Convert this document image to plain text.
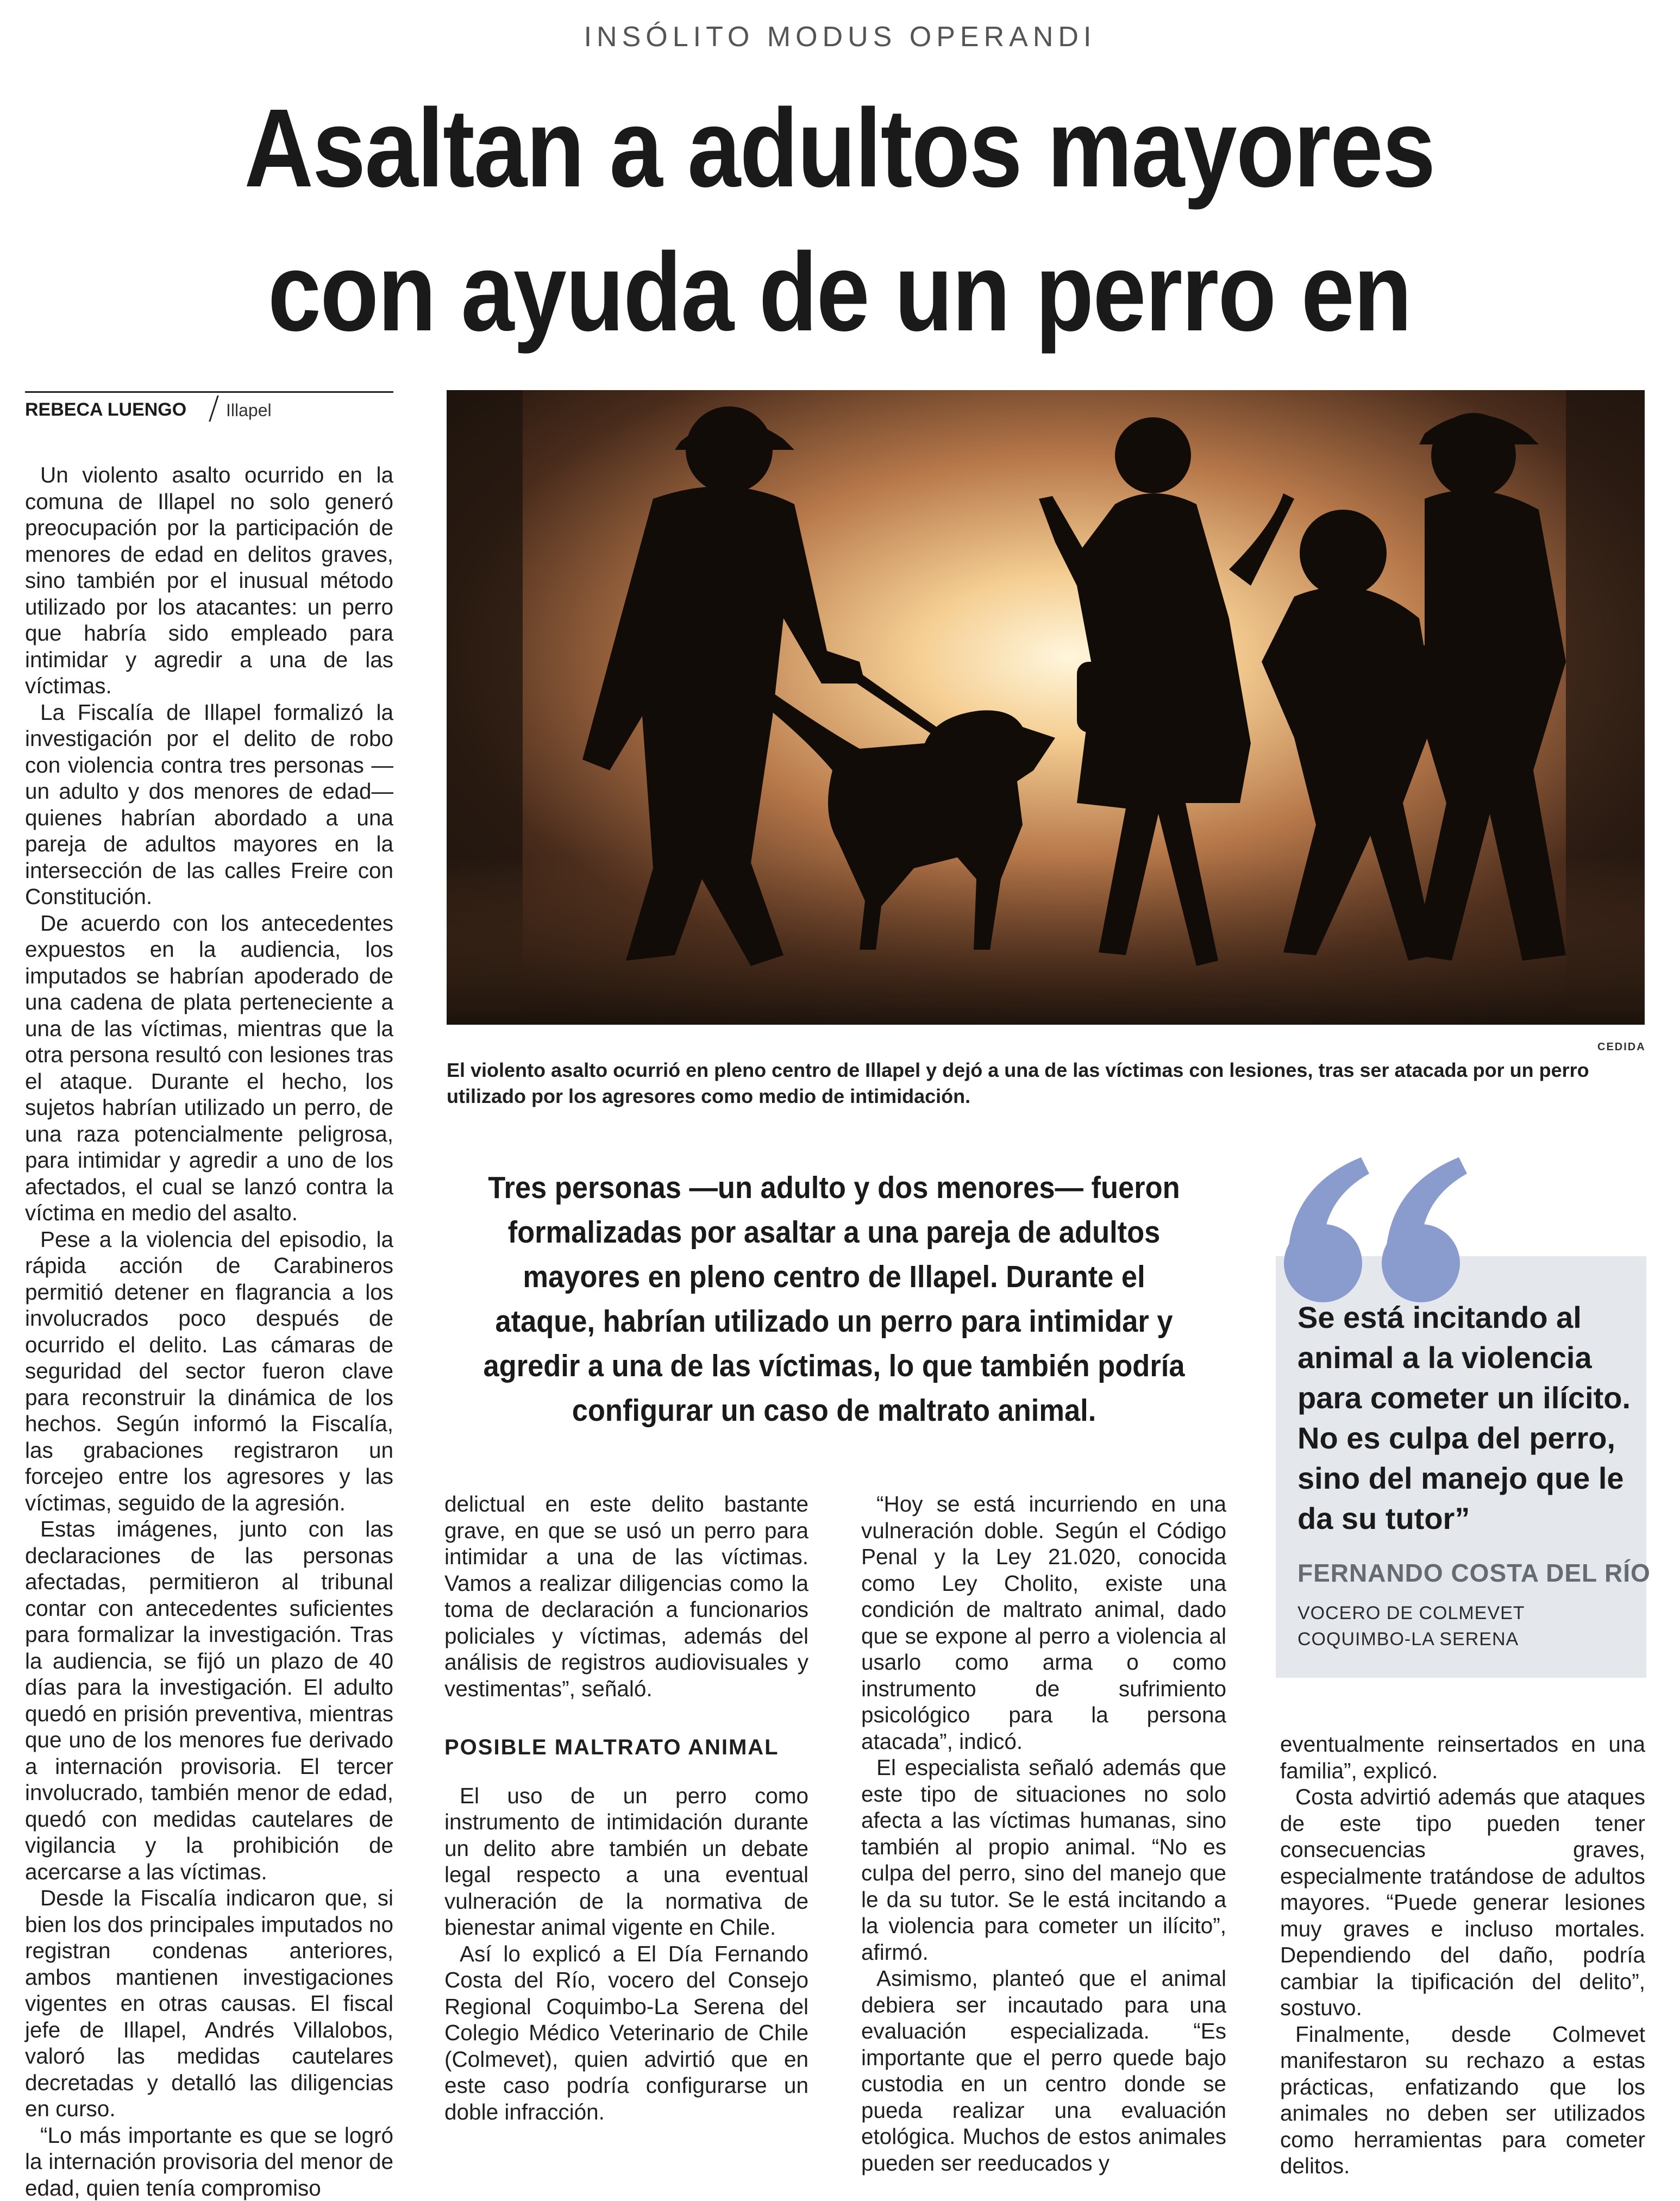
INSÓLITO MODUS OPERANDI
Asaltan a adultos mayores con ayuda de un perro en
REBECA LUENGO Illapel

Un violento asalto ocurrido en la comuna de Illapel no solo generó preocupación por la participación de menores de edad en delitos graves, sino también por el inusual método utilizado por los atacantes: un perro que habría sido empleado para intimidar y agredir a una de las víctimas.

La Fiscalía de Illapel formalizó la investigación por el delito de robo con violencia contra tres personas —un adulto y dos menores de edad— quienes habrían abordado a una pareja de adultos mayores en la intersección de las calles Freire con Constitución.

De acuerdo con los antecedentes expuestos en la audiencia, los imputados se habrían apoderado de una cadena de plata perteneciente a una de las víctimas, mientras que la otra persona resultó con lesiones tras el ataque. Durante el hecho, los sujetos habrían utilizado un perro, de una raza potencialmente peligrosa, para intimidar y agredir a uno de los afectados, el cual se lanzó contra la víctima en medio del asalto.

Pese a la violencia del episodio, la rápida acción de Carabineros permitió detener en flagrancia a los involucrados poco después de ocurrido el delito. Las cámaras de seguridad del sector fueron clave para reconstruir la dinámica de los hechos. Según informó la Fiscalía, las grabaciones registraron un forcejeo entre los agresores y las víctimas, seguido de la agresión.

Estas imágenes, junto con las declaraciones de las personas afectadas, permitieron al tribunal contar con antecedentes suficientes para formalizar la investigación. Tras la audiencia, se fijó un plazo de 40 días para la investigación. El adulto quedó en prisión preventiva, mientras que uno de los menores fue derivado a internación provisoria. El tercer involucrado, también menor de edad, quedó con medidas cautelares de vigilancia y la prohibición de acercarse a las víctimas.

Desde la Fiscalía indicaron que, si bien los dos principales imputados no registran condenas anteriores, ambos mantienen investigaciones vigentes en otras causas. El fiscal jefe de Illapel, Andrés Villalobos, valoró las medidas cautelares decretadas y detalló las diligencias en curso.

“Lo más importante es que se logró la internación provisoria del menor de edad, quien tenía compromiso

CEDIDA

El violento asalto ocurrió en pleno centro de Illapel y dejó a una de las víctimas con lesiones, tras ser atacada por un perro utilizado por los agresores como medio de intimidación.

Tres personas —un adulto y dos menores— fueron formalizadas por asaltar a una pareja de adultos mayores en pleno centro de Illapel. Durante el ataque, habrían utilizado un perro para intimidar y agredir a una de las víctimas, lo que también podría configurar un caso de maltrato animal.

Se está incitando al animal a la violencia para cometer un ilícito. No es culpa del perro, sino del manejo que le da su tutor”

FERNANDO COSTA DEL RÍO

VOCERO DE COLMEVET COQUIMBO-LA SERENA

delictual en este delito bastante grave, en que se usó un perro para intimidar a una de las víctimas. Vamos a realizar diligencias como la toma de declaración a funcionarios policiales y víctimas, además del análisis de registros audiovisuales y vestimentas”, señaló.

POSIBLE MALTRATO ANIMAL

El uso de un perro como instrumento de intimidación durante un delito abre también un debate legal respecto a una eventual vulneración de la normativa de bienestar animal vigente en Chile.

Así lo explicó a El Día Fernando Costa del Río, vocero del Consejo Regional Coquimbo-La Serena del Colegio Médico Veterinario de Chile (Colmevet), quien advirtió que en este caso podría configurarse un doble infracción.

“Hoy se está incurriendo en una vulneración doble. Según el Código Penal y la Ley 21.020, conocida como Ley Cholito, existe una condición de maltrato animal, dado que se expone al perro a violencia al usarlo como arma o como instrumento de sufrimiento psicológico para la persona atacada”, indicó.

El especialista señaló además que este tipo de situaciones no solo afecta a las víctimas humanas, sino también al propio animal. “No es culpa del perro, sino del manejo que le da su tutor. Se le está incitando a la violencia para cometer un ilícito”, afirmó.

Asimismo, planteó que el animal debiera ser incautado para una evaluación especializada. “Es importante que el perro quede bajo custodia en un centro donde se pueda realizar una evaluación etológica. Muchos de estos animales pueden ser reeducados y

eventualmente reinsertados en una familia”, explicó.

Costa advirtió además que ataques de este tipo pueden tener consecuencias graves, especialmente tratándose de adultos mayores. “Puede generar lesiones muy graves e incluso mortales. Dependiendo del daño, podría cambiar la tipificación del delito”, sostuvo.

Finalmente, desde Colmevet manifestaron su rechazo a estas prácticas, enfatizando que los animales no deben ser utilizados como herramientas para cometer delitos.
